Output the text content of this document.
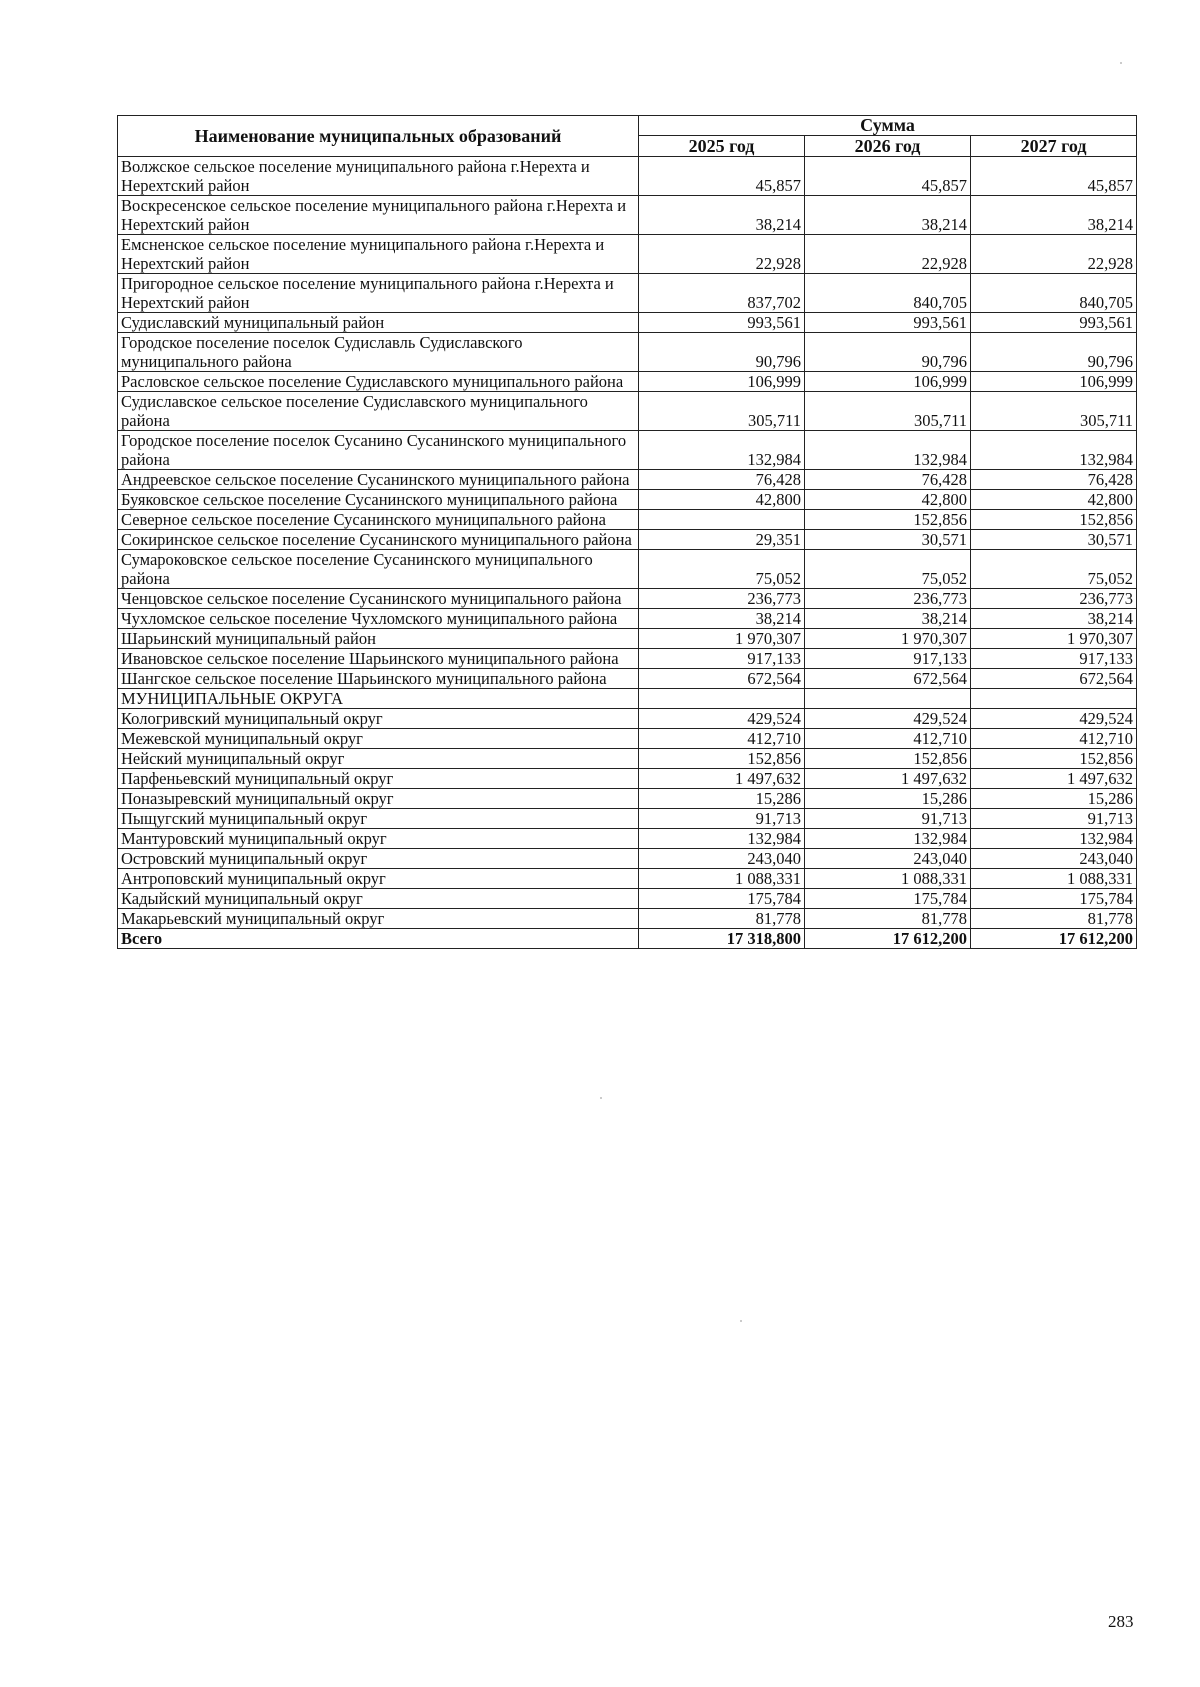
Наименование муниципальных образований	Сумма		
	2025 год	2026 год	2027 год
Волжское сельское поселение муниципального района г.Нерехта и Нерехтский район	45,857	45,857	45,857
Воскресенское сельское поселение муниципального района г.Нерехта и Нерехтский район	38,214	38,214	38,214
Емсненское сельское поселение муниципального района г.Нерехта и Нерехтский район	22,928	22,928	22,928
Пригородное сельское поселение муниципального района г.Нерехта и Нерехтский район	837,702	840,705	840,705
Судиславский муниципальный район	993,561	993,561	993,561
Городское поселение поселок Судиславль Судиславского муниципального района	90,796	90,796	90,796
Расловское сельское поселение Судиславского муниципального района	106,999	106,999	106,999
Судиславское сельское поселение Судиславского муниципального района	305,711	305,711	305,711
Городское поселение поселок Сусанино Сусанинского муниципального района	132,984	132,984	132,984
Андреевское сельское поселение Сусанинского муниципального района	76,428	76,428	76,428
Буяковское сельское поселение Сусанинского муниципального района	42,800	42,800	42,800
Северное сельское поселение Сусанинского муниципального района		152,856	152,856
Сокиринское сельское поселение Сусанинского муниципального района	29,351	30,571	30,571
Сумароковское сельское поселение Сусанинского муниципального района	75,052	75,052	75,052
Ченцовское сельское поселение Сусанинского муниципального района	236,773	236,773	236,773
Чухломское сельское поселение Чухломского муниципального района	38,214	38,214	38,214
Шарьинский муниципальный район	1 970,307	1 970,307	1 970,307
Ивановское сельское поселение Шарьинского муниципального района	917,133	917,133	917,133
Шангское сельское поселение Шарьинского муниципального района	672,564	672,564	672,564
МУНИЦИПАЛЬНЫЕ ОКРУГА			
Кологривский муниципальный округ	429,524	429,524	429,524
Межевской муниципальный округ	412,710	412,710	412,710
Нейский муниципальный округ	152,856	152,856	152,856
Парфеньевский муниципальный округ	1 497,632	1 497,632	1 497,632
Поназыревский муниципальный округ	15,286	15,286	15,286
Пыщугский муниципальный округ	91,713	91,713	91,713
Мантуровский муниципальный округ	132,984	132,984	132,984
Островский муниципальный округ	243,040	243,040	243,040
Антроповский муниципальный округ	1 088,331	1 088,331	1 088,331
Кадыйский муниципальный округ	175,784	175,784	175,784
Макарьевский муниципальный округ	81,778	81,778	81,778
Всего	17 318,800	17 612,200	17 612,200
283
